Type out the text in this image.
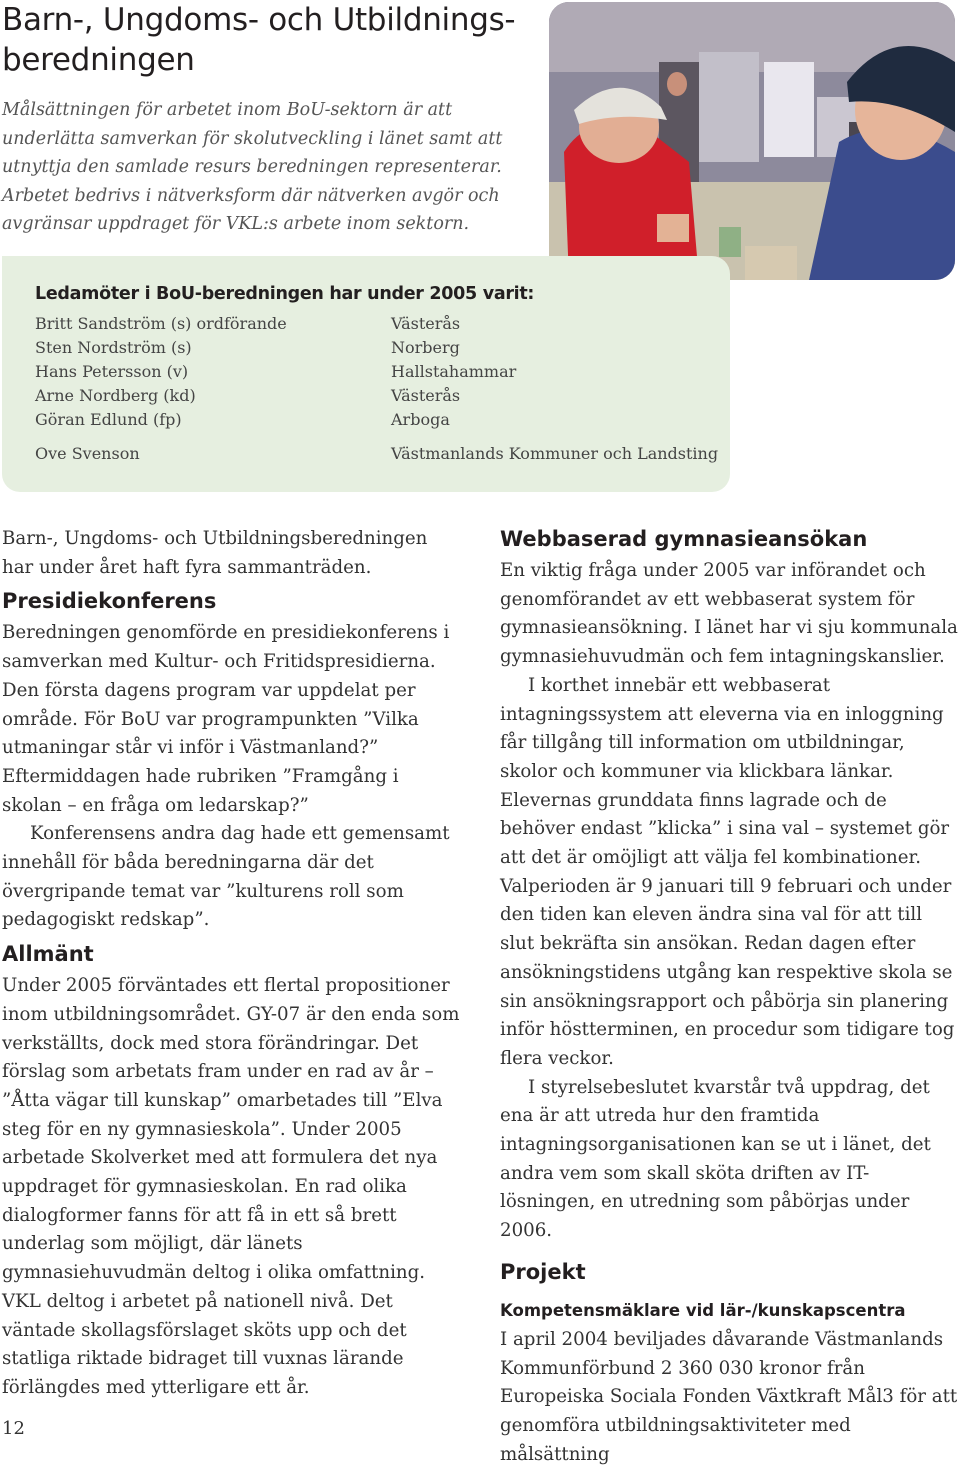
Barn-, Ungdoms- och Utbildnings-beredningen

Målsättningen för arbetet inom BoU-sektorn är att underlätta samverkan för skolutveckling i länet samt att utnyttja den samlade resurs beredningen representerar. Arbetet bedrivs i nätverksform där nätverken avgör och avgränsar uppdraget för VKL:s arbete inom sektorn.

Ledamöter i BoU-beredningen har under 2005 varit:
Britt Sandström (s) ordförande	Västerås
Sten Nordström (s)	Norberg
Hans Petersson (v)	Hallstahammar
Arne Nordberg (kd)	Västerås
Göran Edlund (fp)	Arboga
Ove Svenson	Västmanlands Kommuner och Landsting

Barn-, Ungdoms- och Utbildningsberedningen har under året haft fyra sammanträden.

Presidiekonferens

Beredningen genomförde en presidiekonferens i samverkan med Kultur- och Fritidspresidierna. Den första dagens program var uppdelat per område. För BoU var programpunkten ”Vilka utmaningar står vi inför i Västmanland?” Eftermiddagen hade rubriken ”Framgång i skolan – en fråga om ledarskap?”

Konferensens andra dag hade ett gemensamt innehåll för båda beredningarna där det övergripande temat var ”kulturens roll som pedagogiskt redskap”.

Allmänt

Under 2005 förväntades ett flertal propositioner inom utbildningsområdet. GY-07 är den enda som verkställts, dock med stora förändringar. Det förslag som arbetats fram under en rad av år – ”Åtta vägar till kunskap” omarbetades till ”Elva steg för en ny gymnasieskola”. Under 2005 arbetade Skolverket med att formulera det nya uppdraget för gymnasieskolan. En rad olika dialogformer fanns för att få in ett så brett underlag som möjligt, där länets gymnasiehuvudmän deltog i olika omfattning. VKL deltog i arbetet på nationell nivå. Det väntade skollagsförslaget sköts upp och det statliga riktade bidraget till vuxnas lärande förlängdes med ytterligare ett år.

Webbaserad gymnasieansökan

En viktig fråga under 2005 var införandet och genomförandet av ett webbaserat system för gymnasieansökning. I länet har vi sju kommunala gymnasiehuvudmän och fem intagningskanslier.

I korthet innebär ett webbaserat intagningssystem att eleverna via en inloggning får tillgång till information om utbildningar, skolor och kommuner via klickbara länkar. Elevernas grunddata finns lagrade och de behöver endast ”klicka” i sina val – systemet gör att det är omöjligt att välja fel kombinationer. Valperioden är 9 januari till 9 februari och under den tiden kan eleven ändra sina val för att till slut bekräfta sin ansökan. Redan dagen efter ansökningstidens utgång kan respektive skola se sin ansökningsrapport och påbörja sin planering inför höstterminen, en procedur som tidigare tog flera veckor.

I styrelsebeslutet kvarstår två uppdrag, det ena är att utreda hur den framtida intagningsorganisationen kan se ut i länet, det andra vem som skall sköta driften av IT-lösningen, en utredning som påbörjas under 2006.

Projekt
Kompetensmäklare vid lär-/kunskapscentra

I april 2004 beviljades dåvarande Västmanlands Kommunförbund 2 360 030 kronor från Europeiska Sociala Fonden Växtkraft Mål3 för att genomföra utbildningsaktiviteter med målsättning

12
